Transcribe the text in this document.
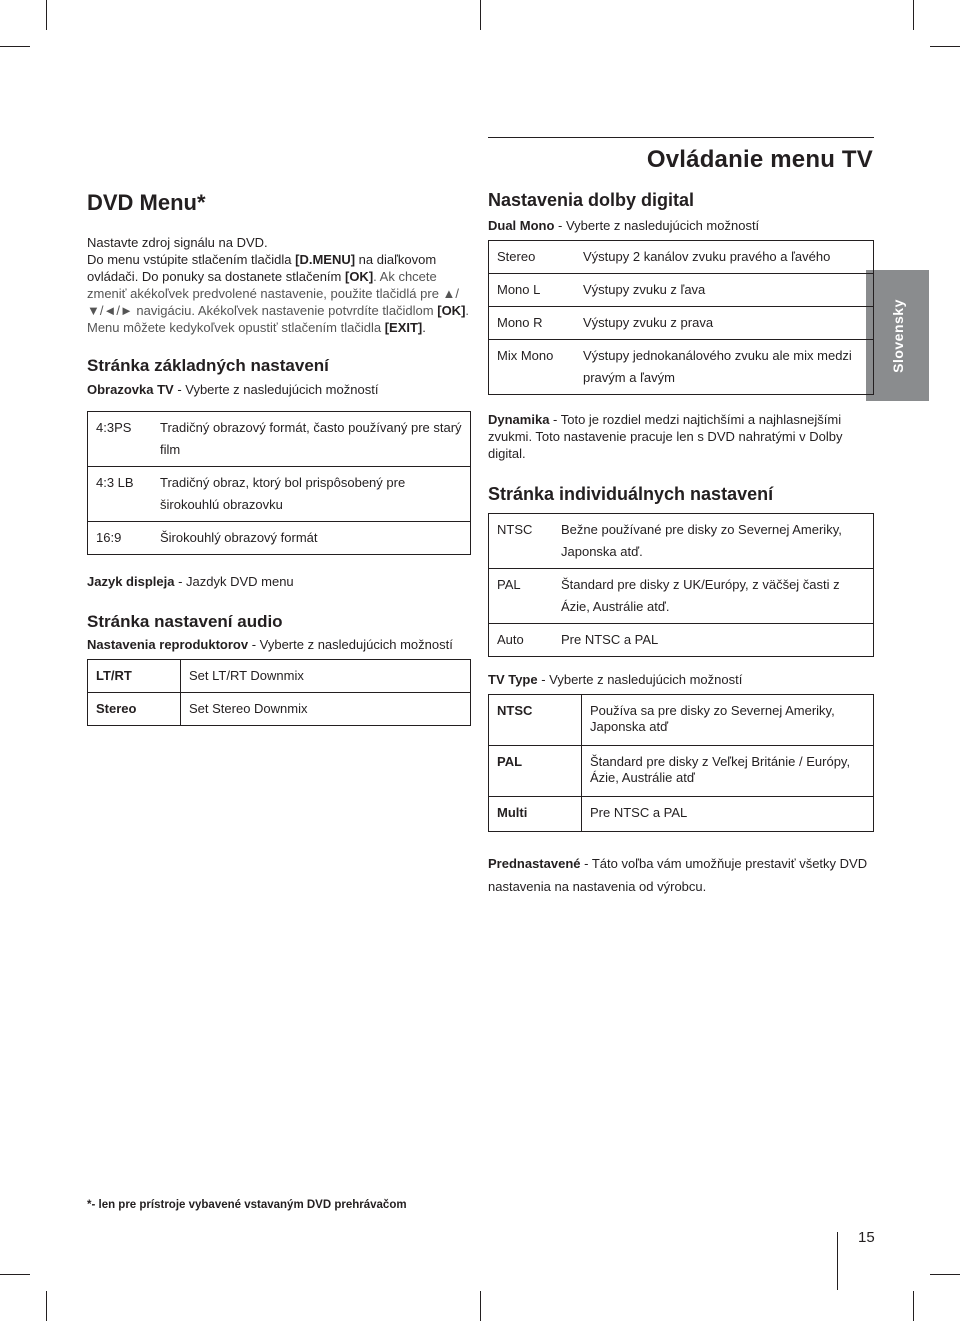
Ovládanie menu TV
Slovensky
DVD Menu*

Nastavte zdroj signálu na DVD.
Do menu vstúpite stlačením tlačidla [D.MENU] na diaľkovom ovládači. Do ponuky sa dostanete stlačením [OK]. Ak chcete zmeniť akékoľvek predvolené nastavenie, použite tlačidlá pre ▲/▼/◄/► navigáciu. Akékoľvek nastavenie potvrdíte tlačidlom [OK]. Menu môžete kedykoľvek opustiť stlačením tlačidla [EXIT].

Stránka základných nastavení

Obrazovka TV - Vyberte z nasledujúcich možností

4:3PS	Tradičný obrazový formát, často používaný pre starý film
4:3 LB	Tradičný obraz, ktorý bol prispôsobený pre širokouhlú obrazovku
16:9	Širokouhlý obrazový formát

Jazyk displeja - Jazdyk DVD menu

Stránka nastavení audio

Nastavenia reproduktorov - Vyberte z nasledujúcich možností

LT/RT	Set LT/RT Downmix
Stereo	Set Stereo Downmix
Nastavenia dolby digital

Dual Mono - Vyberte z nasledujúcich možností

Stereo	Výstupy 2 kanálov zvuku pravého a ľavého
Mono L	Výstupy zvuku z ľava
Mono R	Výstupy zvuku z prava
Mix Mono	Výstupy jednokanálového zvuku ale mix medzi pravým a ľavým

Dynamika - Toto je rozdiel medzi najtichšími a najhlasnejšími zvukmi. Toto nastavenie pracuje len s DVD nahratými v Dolby digital.

Stránka individuálnych nastavení
NTSC	Bežne používané pre disky zo Severnej Ameriky, Japonska atď.
PAL	Štandard pre disky z UK/Európy, z väčšej časti z Ázie, Austrálie atď.
Auto	Pre NTSC a PAL

TV Type - Vyberte z nasledujúcich možností

NTSC	Používa sa pre disky zo Severnej Ameriky, Japonska atď
PAL	Štandard pre disky z Veľkej Británie / Európy, Ázie, Austrálie atď
Multi	Pre NTSC a PAL

Prednastavené - Táto voľba vám umožňuje prestaviť všetky DVD nastavenia na nastavenia od výrobcu.

*- len pre prístroje vybavené vstavaným DVD prehrávačom
15
